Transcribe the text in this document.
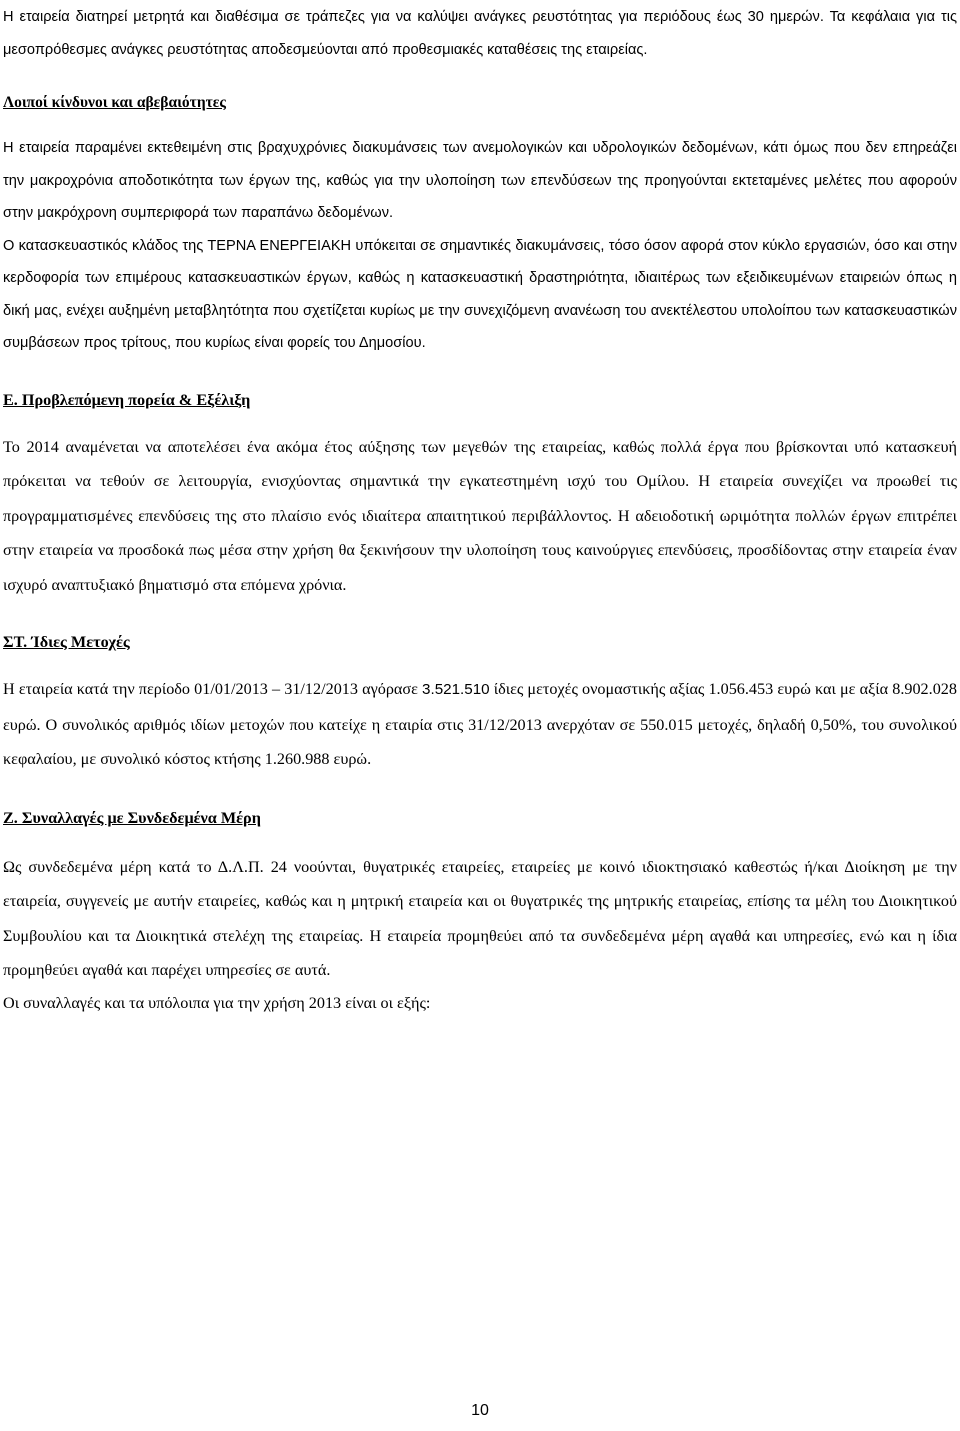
Η εταιρεία διατηρεί μετρητά και διαθέσιμα σε τράπεζες για να καλύψει ανάγκες ρευστότητας για περιόδους έως 30 ημερών. Τα κεφάλαια για τις μεσοπρόθεσμες ανάγκες ρευστότητας αποδεσμεύονται από προθεσμιακές καταθέσεις της εταιρείας.

Λοιποί κίνδυνοι και αβεβαιότητες

Η εταιρεία παραμένει εκτεθειμένη στις βραχυχρόνιες διακυμάνσεις των ανεμολογικών και υδρολογικών δεδομένων, κάτι όμως που δεν επηρεάζει την μακροχρόνια αποδοτικότητα των έργων της, καθώς για την υλοποίηση των επενδύσεων της προηγούνται εκτεταμένες μελέτες που αφορούν στην μακρόχρονη συμπεριφορά των παραπάνω δεδομένων.

Ο κατασκευαστικός κλάδος της ΤΕΡΝΑ ΕΝΕΡΓΕΙΑΚΗ υπόκειται σε σημαντικές διακυμάνσεις, τόσο όσον αφορά στον κύκλο εργασιών, όσο και στην κερδοφορία των επιμέρους κατασκευαστικών έργων, καθώς η κατασκευαστική δραστηριότητα, ιδιαιτέρως των εξειδικευμένων εταιρειών όπως η δική μας, ενέχει αυξημένη μεταβλητότητα που σχετίζεται κυρίως με την συνεχιζόμενη ανανέωση του ανεκτέλεστου υπολοίπου των κατασκευαστικών συμβάσεων προς τρίτους, που κυρίως είναι φορείς του Δημοσίου.

Ε. Προβλεπόμενη πορεία & Εξέλιξη

Το 2014 αναμένεται να αποτελέσει ένα ακόμα έτος αύξησης των μεγεθών της εταιρείας, καθώς πολλά έργα που βρίσκονται υπό κατασκευή πρόκειται να τεθούν σε λειτουργία, ενισχύοντας σημαντικά την εγκατεστημένη ισχύ του Ομίλου. Η εταιρεία συνεχίζει να προωθεί τις προγραμματισμένες επενδύσεις της στο πλαίσιο ενός ιδιαίτερα απαιτητικού περιβάλλοντος. Η αδειοδοτική ωριμότητα πολλών έργων επιτρέπει στην εταιρεία να προσδοκά πως μέσα στην χρήση θα ξεκινήσουν την υλοποίηση τους καινούργιες επενδύσεις, προσδίδοντας στην εταιρεία έναν ισχυρό αναπτυξιακό βηματισμό στα επόμενα χρόνια.

ΣΤ. Ίδιες Μετοχές

Η εταιρεία κατά την περίοδο 01/01/2013 – 31/12/2013 αγόρασε 3.521.510 ίδιες μετοχές ονομαστικής αξίας 1.056.453 ευρώ και με αξία 8.902.028 ευρώ. Ο συνολικός αριθμός ιδίων μετοχών που κατείχε η εταιρία στις 31/12/2013 ανερχόταν σε 550.015 μετοχές, δηλαδή 0,50%, του συνολικού κεφαλαίου, με συνολικό κόστος κτήσης 1.260.988 ευρώ.

Ζ. Συναλλαγές με Συνδεδεμένα Μέρη

Ως συνδεδεμένα μέρη κατά το Δ.Λ.Π. 24 νοούνται, θυγατρικές εταιρείες, εταιρείες με κοινό ιδιοκτησιακό καθεστώς ή/και Διοίκηση με την εταιρεία, συγγενείς με αυτήν εταιρείες, καθώς και η μητρική εταιρεία και οι θυγατρικές της μητρικής εταιρείας, επίσης τα μέλη του Διοικητικού Συμβουλίου και τα Διοικητικά στελέχη της εταιρείας. Η εταιρεία προμηθεύει από τα συνδεδεμένα μέρη αγαθά και υπηρεσίες, ενώ και η ίδια προμηθεύει αγαθά και παρέχει υπηρεσίες σε αυτά.

Οι συναλλαγές και τα υπόλοιπα για την χρήση 2013 είναι οι εξής:

10
